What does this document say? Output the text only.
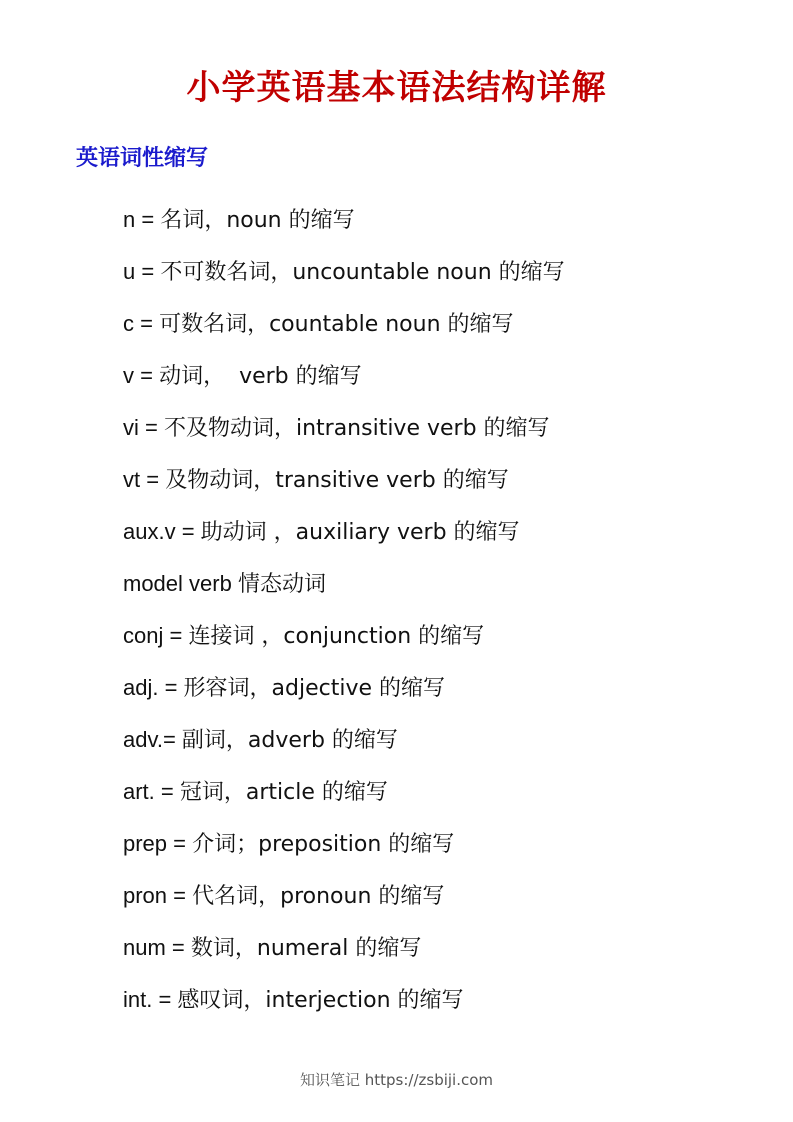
小学英语基本语法结构详解
英语词性缩写
n = 名词，noun 的缩写
u = 不可数名词，uncountable noun 的缩写
c = 可数名词，countable noun 的缩写
v = 动词，  verb 的缩写
vi = 不及物动词，intransitive verb 的缩写
vt = 及物动词，transitive verb 的缩写
aux.v = 助动词 ，auxiliary verb 的缩写
model verb 情态动词
conj = 连接词 ，conjunction 的缩写
adj. = 形容词，adjective 的缩写
adv.= 副词，adverb 的缩写
art. = 冠词，article 的缩写
prep = 介词；preposition 的缩写
pron = 代名词，pronoun 的缩写
num = 数词，numeral 的缩写
int. = 感叹词，interjection 的缩写
知识笔记 https://zsbiji.com
